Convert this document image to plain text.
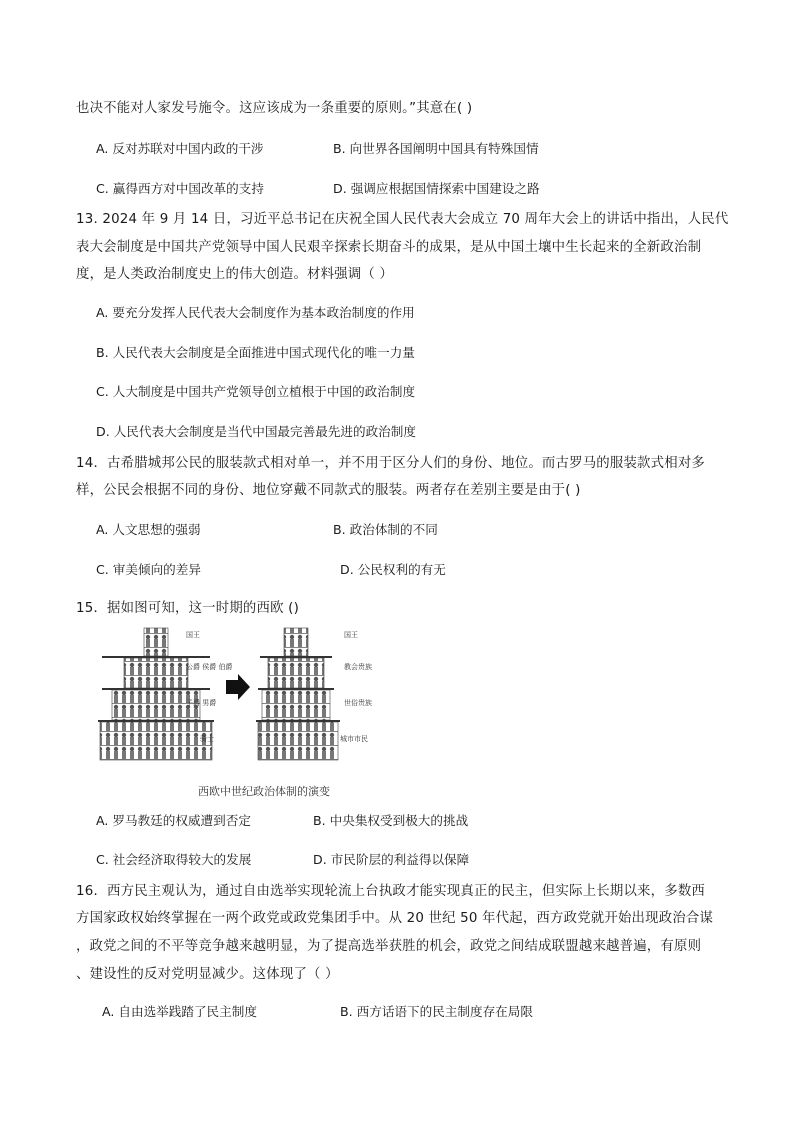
也决不能对人家发号施令。这应该成为一条重要的原则。”其意在( )
A. 反对苏联对中国内政的干涉	B. 向世界各国阐明中国具有特殊国情
C. 赢得西方对中国改革的支持	D. 强调应根据国情探索中国建设之路
13. 2024 年 9 月 14 日，习近平总书记在庆祝全国人民代表大会成立 70 周年大会上的讲话中指出，人民代
表大会制度是中国共产党领导中国人民艰辛探索长期奋斗的成果，是从中国土壤中生长起来的全新政治制
度，是人类政治制度史上的伟大创造。材料强调（ ）
A. 要充分发挥人民代表大会制度作为基本政治制度的作用
B. 人民代表大会制度是全面推进中国式现代化的唯一力量
C. 人大制度是中国共产党领导创立植根于中国的政治制度
D. 人民代表大会制度是当代中国最完善最先进的政治制度
14．古希腊城邦公民的服装款式相对单一，并不用于区分人们的身份、地位。而古罗马的服装款式相对多
样，公民会根据不同的身份、地位穿戴不同款式的服装。两者存在差别主要是由于( )
A. 人文思想的强弱	B. 政治体制的不同
C. 审美倾向的差异	D. 公民权利的有无
15．据如图可知，这一时期的西欧 ()
国王
公爵 侯爵 伯爵
子爵 男爵
骑士
国王
教会贵族
世俗贵族
城市市民
西欧中世纪政治体制的演变
A. 罗马教廷的权威遭到否定	B. 中央集权受到极大的挑战
C. 社会经济取得较大的发展	D. 市民阶层的利益得以保障
16．西方民主观认为，通过自由选举实现轮流上台执政才能实现真正的民主，但实际上长期以来，多数西
方国家政权始终掌握在一两个政党或政党集团手中。从 20 世纪 50 年代起，西方政党就开始出现政治合谋
，政党之间的不平等竞争越来越明显，为了提高选举获胜的机会，政党之间结成联盟越来越普遍，有原则
、建设性的反对党明显减少。这体现了（ ）
A. 自由选举践踏了民主制度	B. 西方话语下的民主制度存在局限
